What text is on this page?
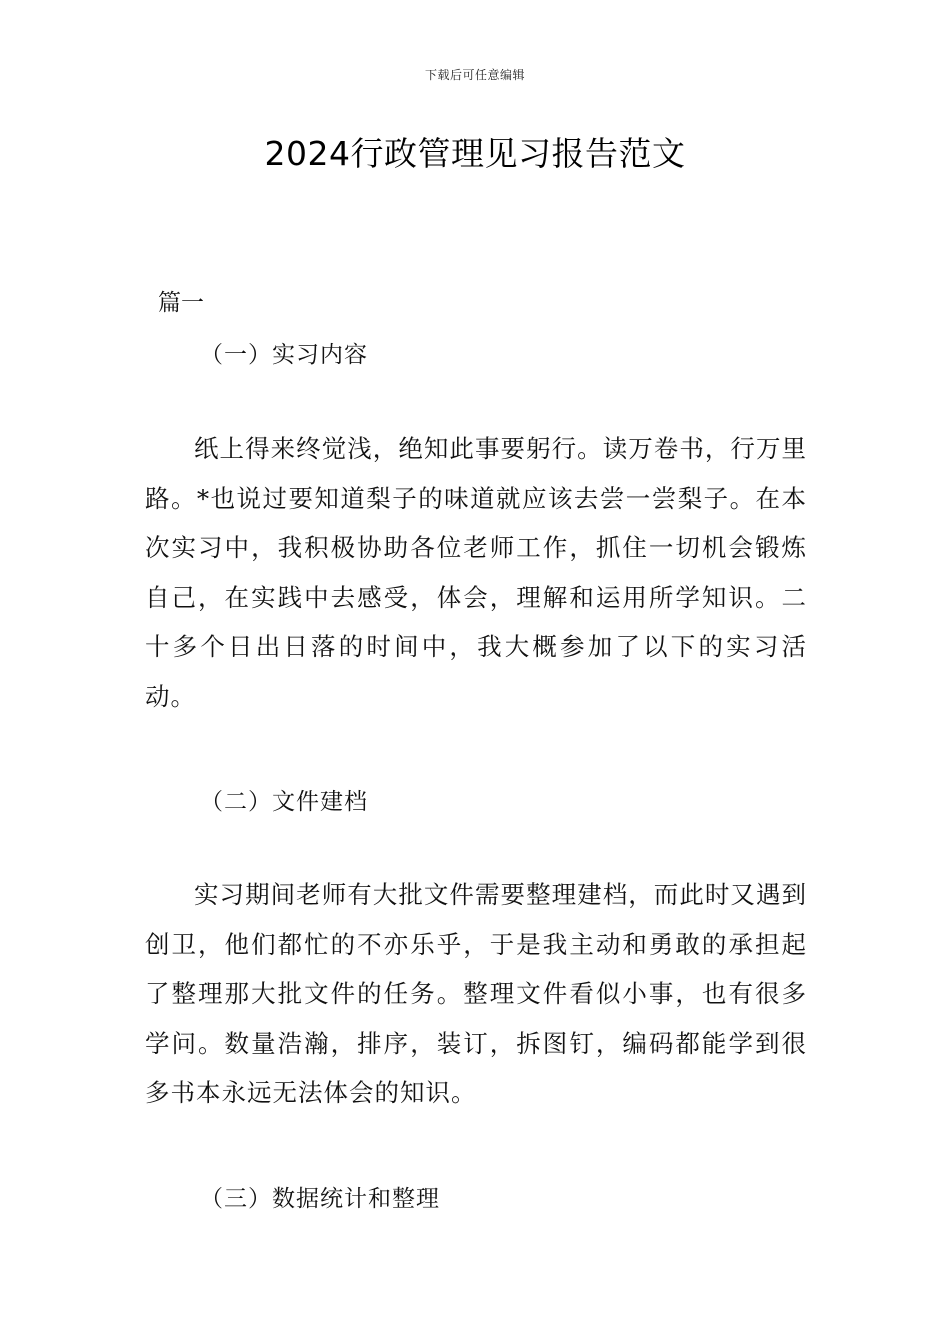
下载后可任意编辑
2024行政管理见习报告范文

篇一

（一）实习内容

纸上得来终觉浅，绝知此事要躬行。读万卷书，行万里路。*也说过要知道梨子的味道就应该去尝一尝梨子。在本次实习中，我积极协助各位老师工作，抓住一切机会锻炼自己，在实践中去感受，体会，理解和运用所学知识。二十多个日出日落的时间中，我大概参加了以下的实习活动。

（二）文件建档

实习期间老师有大批文件需要整理建档，而此时又遇到创卫，他们都忙的不亦乐乎，于是我主动和勇敢的承担起了整理那大批文件的任务。整理文件看似小事，也有很多学问。数量浩瀚，排序，装订，拆图钉，编码都能学到很多书本永远无法体会的知识。

（三）数据统计和整理
